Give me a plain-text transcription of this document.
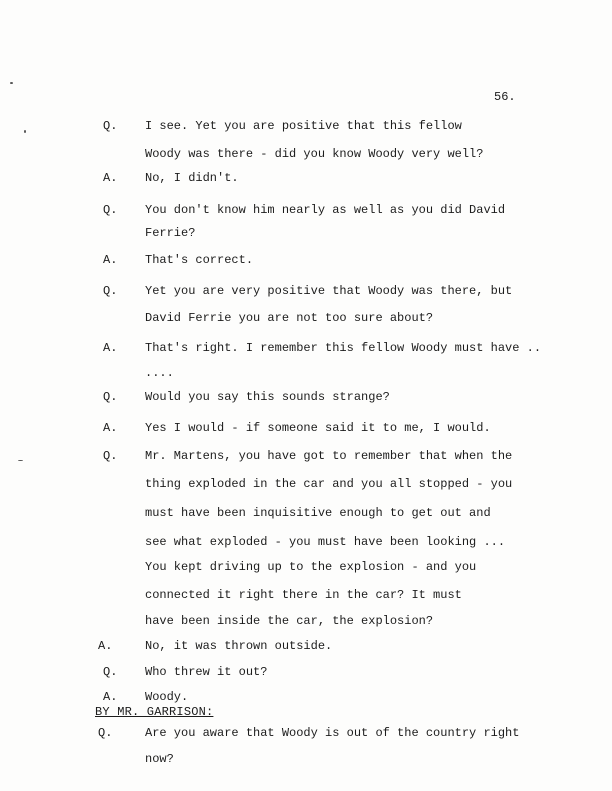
56.
Q. I see. Yet you are positive that this fellow
Woody was there - did you know Woody very well?
A. No, I didn't.
Q. You don't know him nearly as well as you did David
Ferrie?
A. That's correct.
Q. Yet you are very positive that Woody was there, but
David Ferrie you are not too sure about?
A. That's right. I remember this fellow Woody must have ..
....
Q. Would you say this sounds strange?
A. Yes I would - if someone said it to me, I would.
Q. Mr. Martens, you have got to remember that when the
thing exploded in the car and you all stopped - you
must have been inquisitive enough to get out and
see what exploded - you must have been looking ...
You kept driving up to the explosion - and you
connected it right there in the car? It must
have been inside the car, the explosion?
A.	No, it was thrown outside.
Q. Who threw it out?
A. Woody.
Q.	Are you aware that Woody is out of the country right
now?
BY MR. GARRISON:
